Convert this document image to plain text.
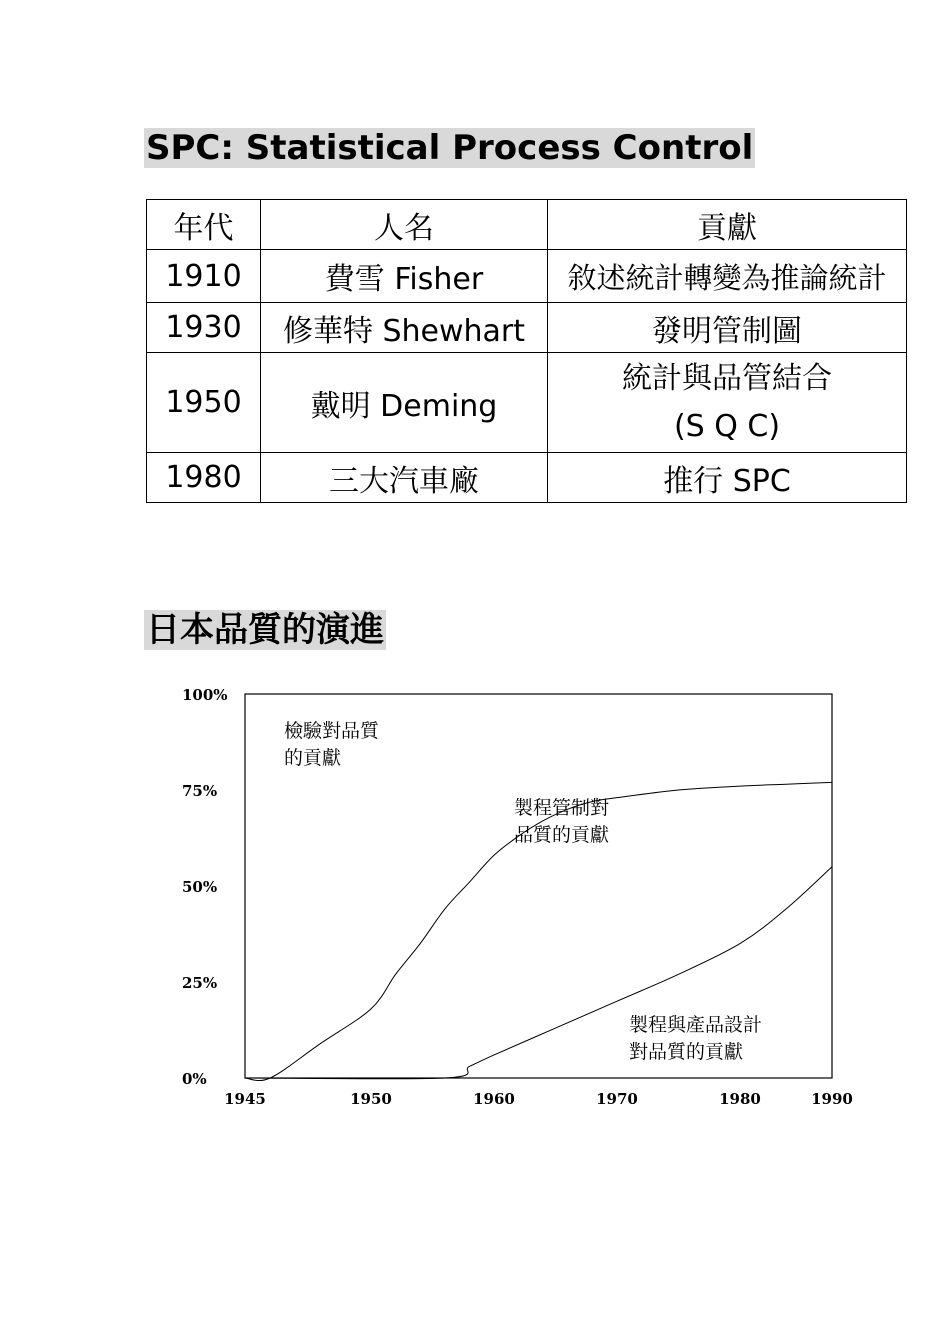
SPC: Statistical Process Control
年代	人名	貢獻
1910	費雪 Fisher	敘述統計轉變為推論統計
1930	修華特 Shewhart	發明管制圖
1950	戴明 Deming	統計與品管結合
(S Q C)

1980	三大汽車廠	推行 SPC
日本品質的演進
100%
75%
50%
25%
0%
1945	1950	1960	1970	1980	1990
檢驗對品質
的貢獻
製程管制對
品質的貢獻
製程與產品設計
對品質的貢獻
